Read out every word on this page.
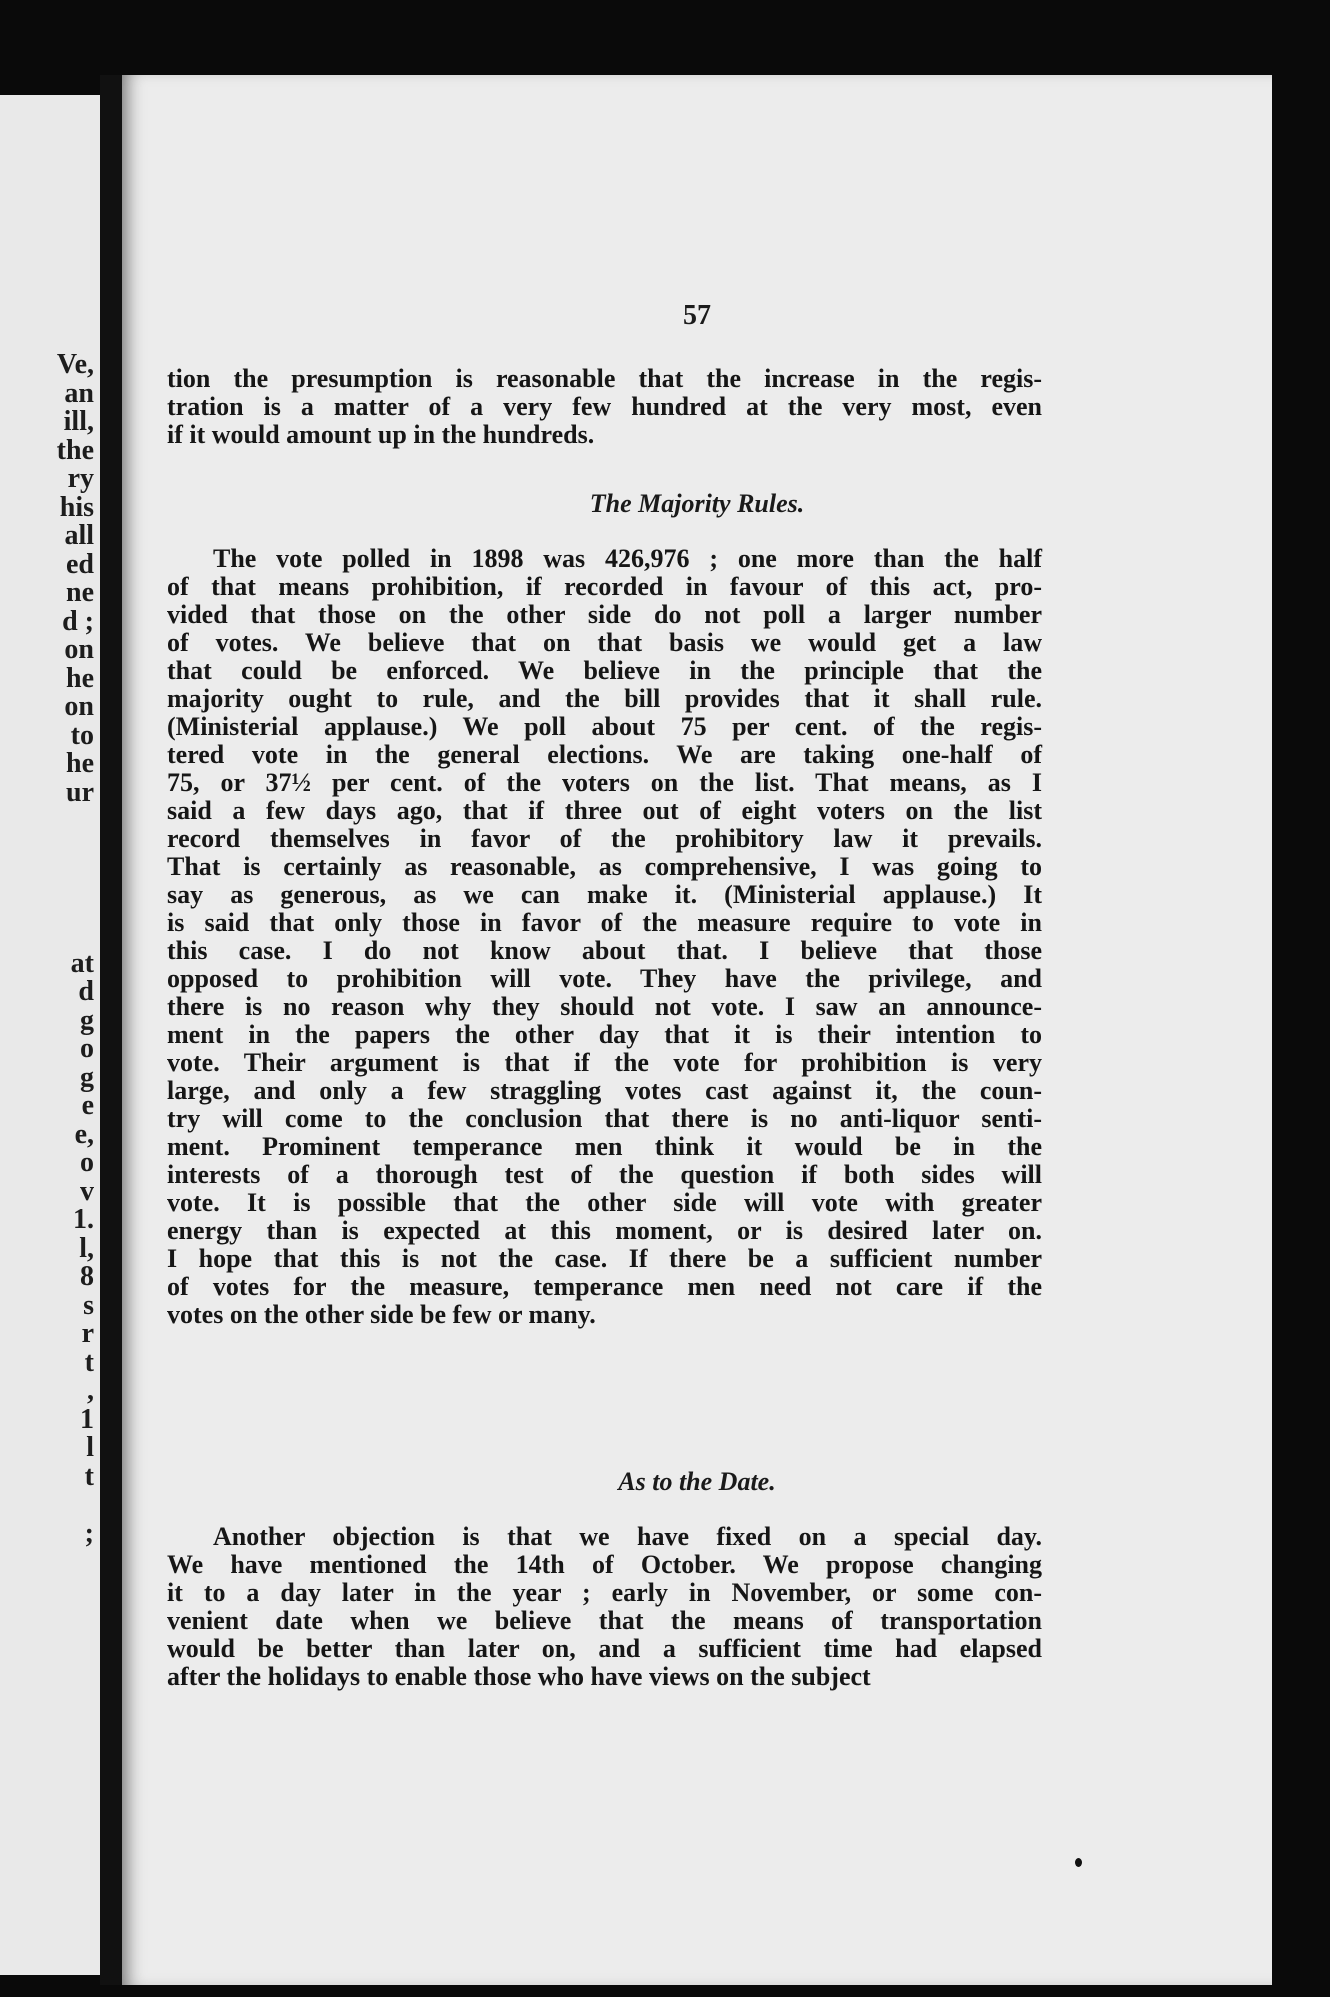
Ve,
an
ill,
the
ry
his
all
ed
ne
d ;
on
he
on
to
he
ur
at
d
g
o
g
e
e,
o
v
1.
l,
8
s
r
t
,
1
l
t
;
57
tion the presumption is reasonable that the increase in the regis-
tration is a matter of a very few hundred at the very most, even
if it would amount up in the hundreds.
The Majority Rules.
The vote polled in 1898 was 426,976 ; one more than the half
of that means prohibition, if recorded in favour of this act, pro-
vided that those on the other side do not poll a larger number
of votes. We believe that on that basis we would get a law
that could be enforced. We believe in the principle that the
majority ought to rule, and the bill provides that it shall rule.
(Ministerial applause.) We poll about 75 per cent. of the regis-
tered vote in the general elections. We are taking one-half of
75, or 37½ per cent. of the voters on the list. That means, as I
said a few days ago, that if three out of eight voters on the list
record themselves in favor of the prohibitory law it prevails.
That is certainly as reasonable, as comprehensive, I was going to
say as generous, as we can make it. (Ministerial applause.) It
is said that only those in favor of the measure require to vote in
this case. I do not know about that. I believe that those
opposed to prohibition will vote. They have the privilege, and
there is no reason why they should not vote. I saw an announce-
ment in the papers the other day that it is their intention to
vote. Their argument is that if the vote for prohibition is very
large, and only a few straggling votes cast against it, the coun-
try will come to the conclusion that there is no anti-liquor senti-
ment. Prominent temperance men think it would be in the
interests of a thorough test of the question if both sides will
vote. It is possible that the other side will vote with greater
energy than is expected at this moment, or is desired later on.
I hope that this is not the case. If there be a sufficient number
of votes for the measure, temperance men need not care if the
votes on the other side be few or many.
As to the Date.
Another objection is that we have fixed on a special day.
We have mentioned the 14th of October. We propose changing
it to a day later in the year ; early in November, or some con-
venient date when we believe that the means of transportation
would be better than later on, and a sufficient time had elapsed
after the holidays to enable those who have views on the subject
